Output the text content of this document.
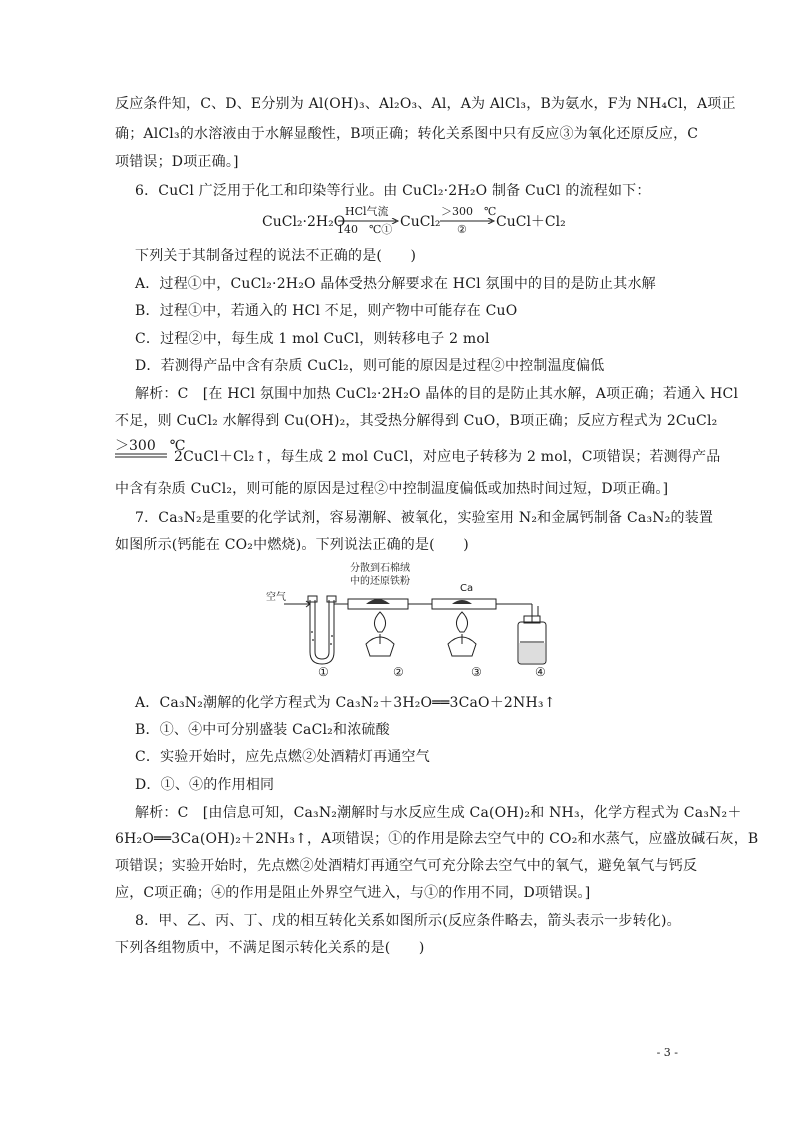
反应条件知，C、D、E分别为 Al(OH)₃、Al₂O₃、Al，A为 AlCl₃，B为氨水，F为 NH₄Cl，A项正
确；AlCl₃的水溶液由于水解显酸性，B项正确；转化关系图中只有反应③为氧化还原反应，C
项错误；D项正确。]
6．CuCl 广泛用于化工和印染等行业。由 CuCl₂·2H₂O 制备 CuCl 的流程如下：
CuCl₂·2H₂O
HCl气流
140　℃① CuCl₂
＞300　℃
② CuCl＋Cl₂
下列关于其制备过程的说法不正确的是(　　)
A．过程①中，CuCl₂·2H₂O 晶体受热分解要求在 HCl 氛围中的目的是防止其水解
B．过程①中，若通入的 HCl 不足，则产物中可能存在 CuO
C．过程②中，每生成 1 mol CuCl，则转移电子 2 mol
D．若测得产品中含有杂质 CuCl₂，则可能的原因是过程②中控制温度偏低
解析：C　[在 HCl 氛围中加热 CuCl₂·2H₂O 晶体的目的是防止其水解，A项正确；若通入 HCl
不足，则 CuCl₂ 水解得到 Cu(OH)₂，其受热分解得到 CuO，B项正确；反应方程式为 2CuCl₂
＞300　℃
2CuCl＋Cl₂↑，每生成 2 mol CuCl，对应电子转移为 2 mol，C项错误；若测得产品
中含有杂质 CuCl₂，则可能的原因是过程②中控制温度偏低或加热时间过短，D项正确。]
7．Ca₃N₂是重要的化学试剂，容易潮解、被氧化，实验室用 N₂和金属钙制备 Ca₃N₂的装置
如图所示(钙能在 CO₂中燃烧)。下列说法正确的是(　　)
空气
分散到石棉绒
中的还原铁粉
Ca
①	②	③	④
A．Ca₃N₂潮解的化学方程式为 Ca₃N₂＋3H₂O══3CaO＋2NH₃↑
B．①、④中可分别盛装 CaCl₂和浓硫酸
C．实验开始时，应先点燃②处酒精灯再通空气
D．①、④的作用相同
解析：C　[由信息可知，Ca₃N₂潮解时与水反应生成 Ca(OH)₂和 NH₃，化学方程式为 Ca₃N₂＋
6H₂O══3Ca(OH)₂＋2NH₃↑，A项错误；①的作用是除去空气中的 CO₂和水蒸气，应盛放碱石灰，B
项错误；实验开始时，先点燃②处酒精灯再通空气可充分除去空气中的氧气，避免氧气与钙反
应，C项正确；④的作用是阻止外界空气进入，与①的作用不同，D项错误。]
8．甲、乙、丙、丁、戊的相互转化关系如图所示(反应条件略去，箭头表示一步转化)。
下列各组物质中，不满足图示转化关系的是(　　)
- 3 -
